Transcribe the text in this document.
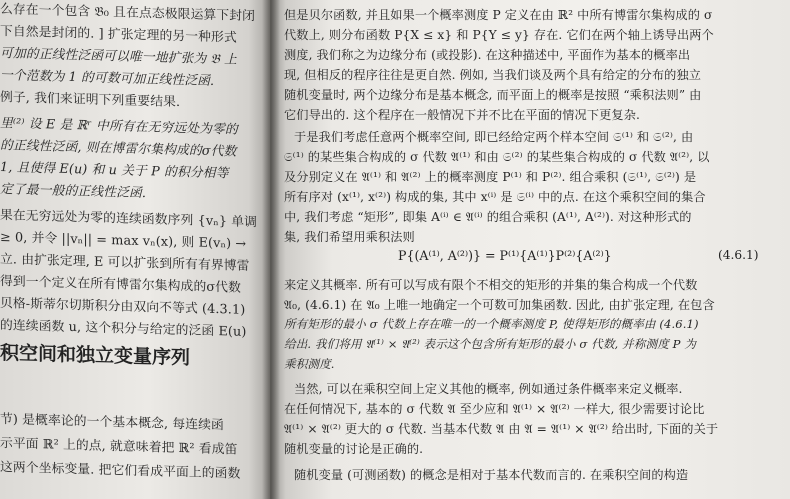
么存在一个包含 𝔅₀ 且在点态极限运算下封闭
下自然是封闭的. ] 扩张定理的另一种形式
可加的正线性泛函可以唯一地扩张为 𝔅 上
一个范数为 1 的可数可加正线性泛函.
例子, 我们来证明下列重要结果.
里⁽²⁾ 设 E 是 ℝʳ 中所有在无穷远处为零的
的正线性泛函, 则在博雷尔集构成的σ代数
1, 且使得 E(u) 和 u 关于 P 的积分相等
定了最一般的正线性泛函.
果在无穷远处为零的连续函数序列 {vₙ} 单调
≥ 0, 并令 ||vₙ|| = max vₙ(x), 则 E(vₙ) →
立. 由扩张定理, E 可以扩张到所有有界博雷
得到一个定义在所有博雷尔集构成的σ代数
贝格-斯蒂尔切斯积分由双向不等式 (4.3.1)
的连续函数 u, 这个积分与给定的泛函 E(u)
积空间和独立变量序列
节) 是概率论的一个基本概念, 每连续函
示平面 ℝ² 上的点, 就意味着把 ℝ² 看成笛
这两个坐标变量. 把它们看成平面上的函数
但是贝尔函数, 并且如果一个概率测度 P 定义在由 ℝ² 中所有博雷尔集构成的 σ
代数上, 则分布函数 P{X ≤ x} 和 P{Y ≤ y} 存在. 它们在两个轴上诱导出两个
测度, 我们称之为边缘分布 (或投影). 在这种描述中, 平面作为基本的概率出
现, 但相反的程序往往是更自然. 例如, 当我们谈及两个具有给定的分布的独立
随机变量时, 两个边缘分布是基本概念, 而平面上的概率是按照 “乘积法则” 由
它们导出的. 这个程序在一般情况下并不比在平面的情况下更复杂.
于是我们考虑任意两个概率空间, 即已经给定两个样本空间 𝔖⁽¹⁾ 和 𝔖⁽²⁾, 由
𝔖⁽¹⁾ 的某些集合构成的 σ 代数 𝔄⁽¹⁾ 和由 𝔖⁽²⁾ 的某些集合构成的 σ 代数 𝔄⁽²⁾, 以
及分别定义在 𝔄⁽¹⁾ 和 𝔄⁽²⁾ 上的概率测度 P⁽¹⁾ 和 P⁽²⁾. 组合乘积 (𝔖⁽¹⁾, 𝔖⁽²⁾) 是
所有序对 (x⁽¹⁾, x⁽²⁾) 构成的集, 其中 x⁽ⁱ⁾ 是 𝔖⁽ⁱ⁾ 中的点. 在这个乘积空间的集合
中, 我们考虑 “矩形”, 即集 A⁽ⁱ⁾ ∈ 𝔄⁽ⁱ⁾ 的组合乘积 (A⁽¹⁾, A⁽²⁾). 对这种形式的
集, 我们希望用乘积法则
P{(A⁽¹⁾, A⁽²⁾)} = P⁽¹⁾{A⁽¹⁾}P⁽²⁾{A⁽²⁾}	(4.6.1)
来定义其概率. 所有可以写成有限个不相交的矩形的并集的集合构成一个代数
𝔄₀, (4.6.1) 在 𝔄₀ 上唯一地确定一个可数可加集函数. 因此, 由扩张定理, 在包含
所有矩形的最小 σ 代数上存在唯一的一个概率测度 P, 使得矩形的概率由 (4.6.1)
给出. 我们将用 𝔄⁽¹⁾ × 𝔄⁽²⁾ 表示这个包含所有矩形的最小 σ 代数, 并称测度 P 为
乘积测度.
当然, 可以在乘积空间上定义其他的概率, 例如通过条件概率来定义概率.
在任何情况下, 基本的 σ 代数 𝔄 至少应和 𝔄⁽¹⁾ × 𝔄⁽²⁾ 一样大, 很少需要讨论比
𝔄⁽¹⁾ × 𝔄⁽²⁾ 更大的 σ 代数. 当基本代数 𝔄 由 𝔄 = 𝔄⁽¹⁾ × 𝔄⁽²⁾ 给出时, 下面的关于
随机变量的讨论是正确的.
随机变量 (可测函数) 的概念是相对于基本代数而言的. 在乘积空间的构造
